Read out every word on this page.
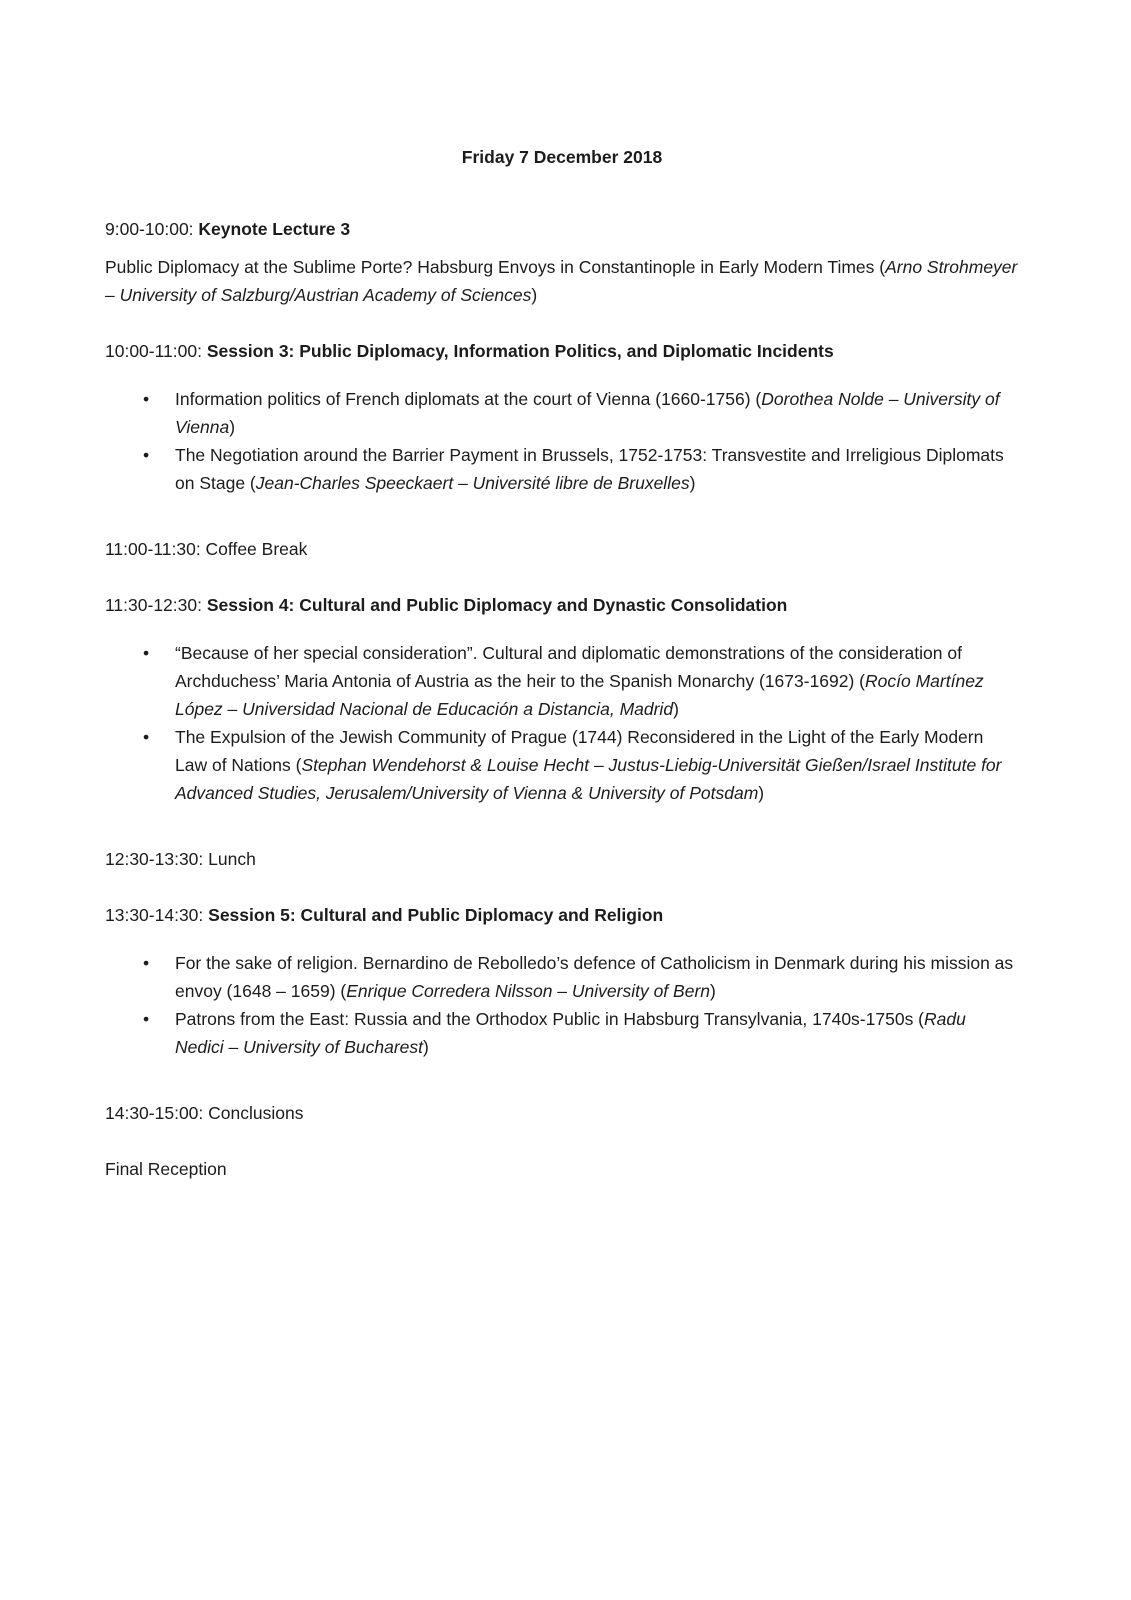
Friday 7 December 2018
9:00-10:00: Keynote Lecture 3
Public Diplomacy at the Sublime Porte? Habsburg Envoys in Constantinople in Early Modern Times (Arno Strohmeyer – University of Salzburg/Austrian Academy of Sciences)
10:00-11:00: Session 3: Public Diplomacy, Information Politics, and Diplomatic Incidents
• Information politics of French diplomats at the court of Vienna (1660-1756) (Dorothea Nolde – University of Vienna)
• The Negotiation around the Barrier Payment in Brussels, 1752-1753: Transvestite and Irreligious Diplomats on Stage (Jean-Charles Speeckaert – Université libre de Bruxelles)
11:00-11:30: Coffee Break
11:30-12:30: Session 4: Cultural and Public Diplomacy and Dynastic Consolidation
• “Because of her special consideration”. Cultural and diplomatic demonstrations of the consideration of Archduchess’ Maria Antonia of Austria as the heir to the Spanish Monarchy (1673-1692) (Rocío Martínez López – Universidad Nacional de Educación a Distancia, Madrid)
• The Expulsion of the Jewish Community of Prague (1744) Reconsidered in the Light of the Early Modern Law of Nations (Stephan Wendehorst & Louise Hecht – Justus-Liebig-Universität Gießen/Israel Institute for Advanced Studies, Jerusalem/University of Vienna & University of Potsdam)
12:30-13:30: Lunch
13:30-14:30: Session 5: Cultural and Public Diplomacy and Religion
• For the sake of religion. Bernardino de Rebolledo’s defence of Catholicism in Denmark during his mission as envoy (1648 – 1659) (Enrique Corredera Nilsson – University of Bern)
• Patrons from the East: Russia and the Orthodox Public in Habsburg Transylvania, 1740s-1750s (Radu Nedici – University of Bucharest)
14:30-15:00: Conclusions
Final Reception
